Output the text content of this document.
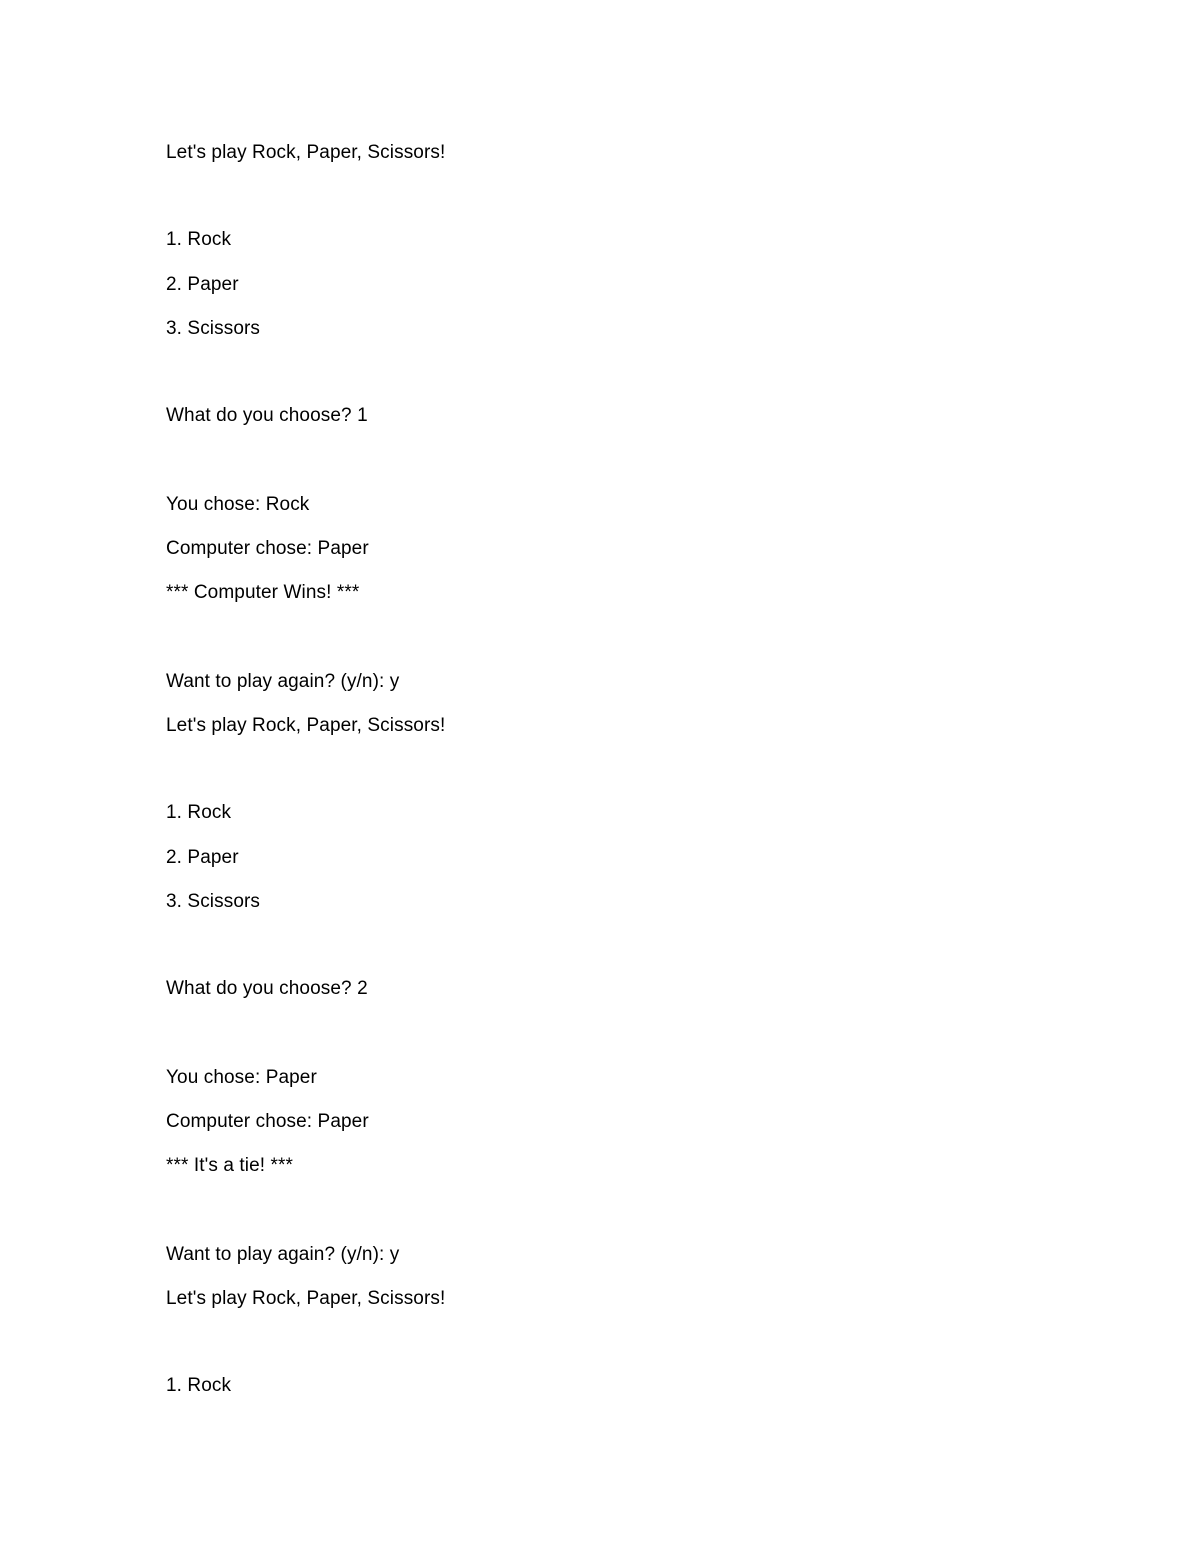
Let's play Rock, Paper, Scissors!
1. Rock
2. Paper
3. Scissors
What do you choose? 1
You chose: Rock
Computer chose: Paper
*** Computer Wins! ***
Want to play again? (y/n): y
Let's play Rock, Paper, Scissors!
1. Rock
2. Paper
3. Scissors
What do you choose? 2
You chose: Paper
Computer chose: Paper
*** It's a tie! ***
Want to play again? (y/n): y
Let's play Rock, Paper, Scissors!
1. Rock
